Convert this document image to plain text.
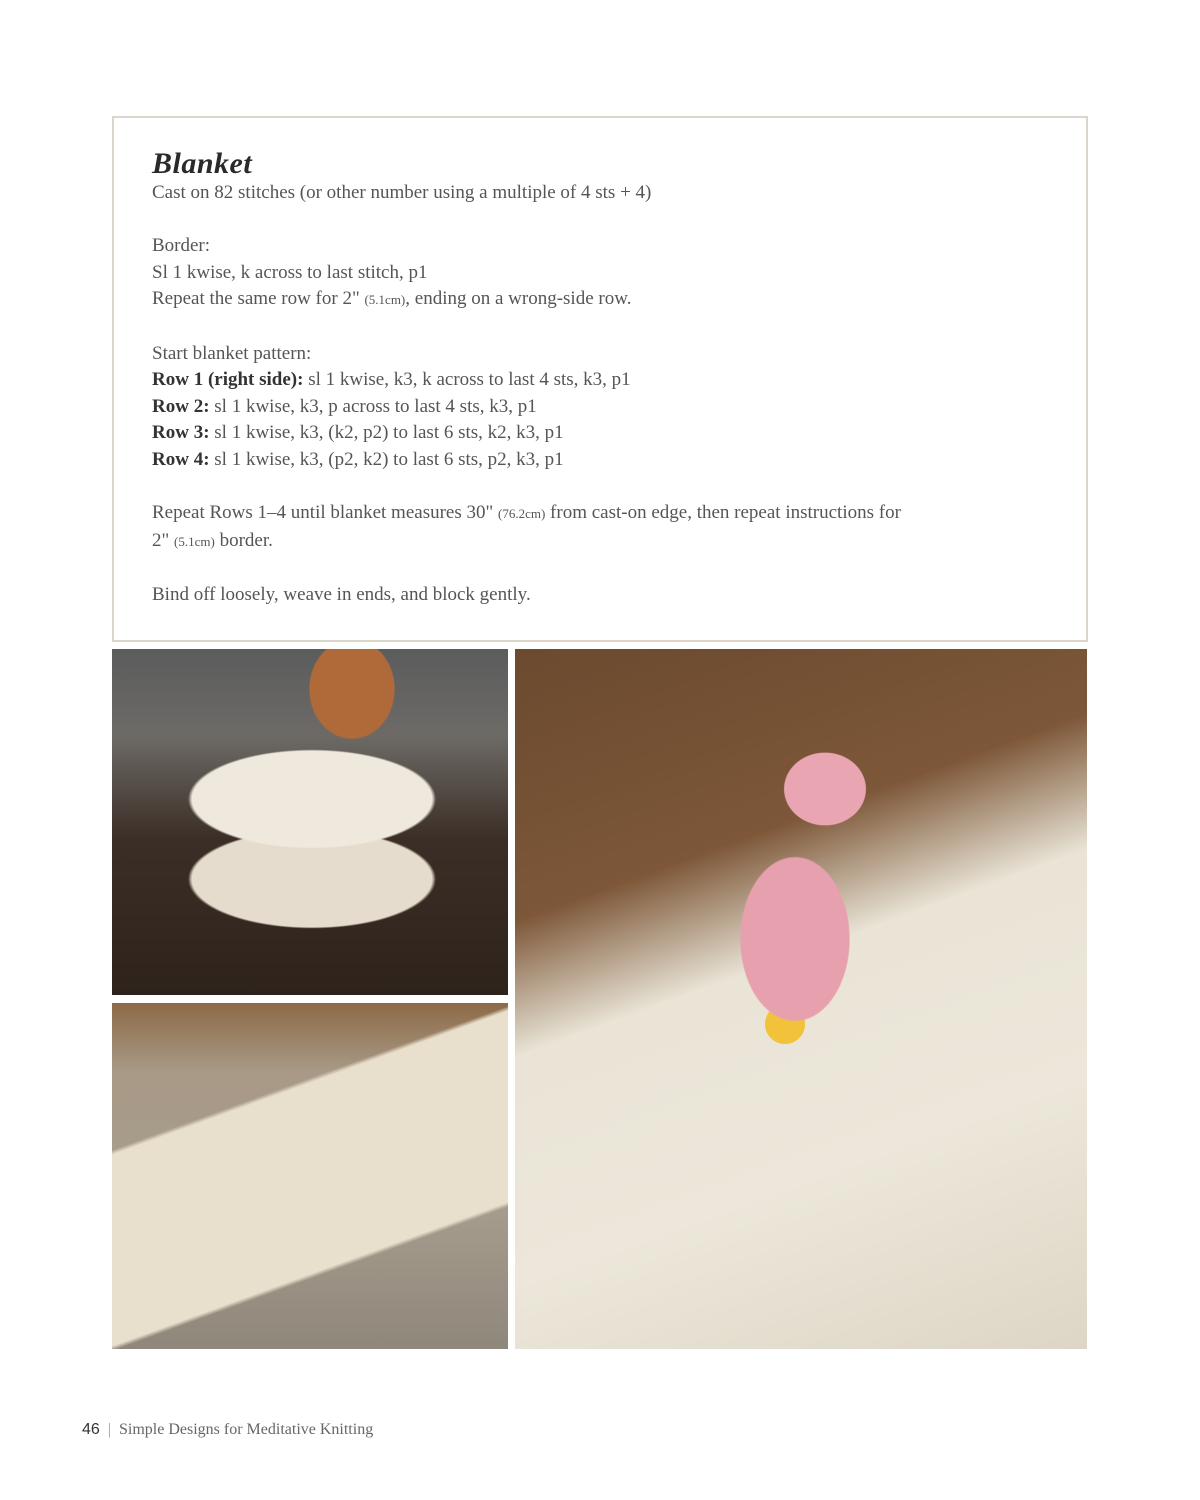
Blanket
Cast on 82 stitches (or other number using a multiple of 4 sts + 4)
Border:
Sl 1 kwise, k across to last stitch, p1
Repeat the same row for 2" (5.1cm), ending on a wrong-side row.
Start blanket pattern:
Row 1 (right side): sl 1 kwise, k3, k across to last 4 sts, k3, p1
Row 2: sl 1 kwise, k3, p across to last 4 sts, k3, p1
Row 3: sl 1 kwise, k3, (k2, p2) to last 6 sts, k2, k3, p1
Row 4: sl 1 kwise, k3, (p2, k2) to last 6 sts, p2, k3, p1
Repeat Rows 1–4 until blanket measures 30" (76.2cm) from cast-on edge, then repeat instructions for
2" (5.1cm) border.
Bind off loosely, weave in ends, and block gently.
46 | Simple Designs for Meditative Knitting
